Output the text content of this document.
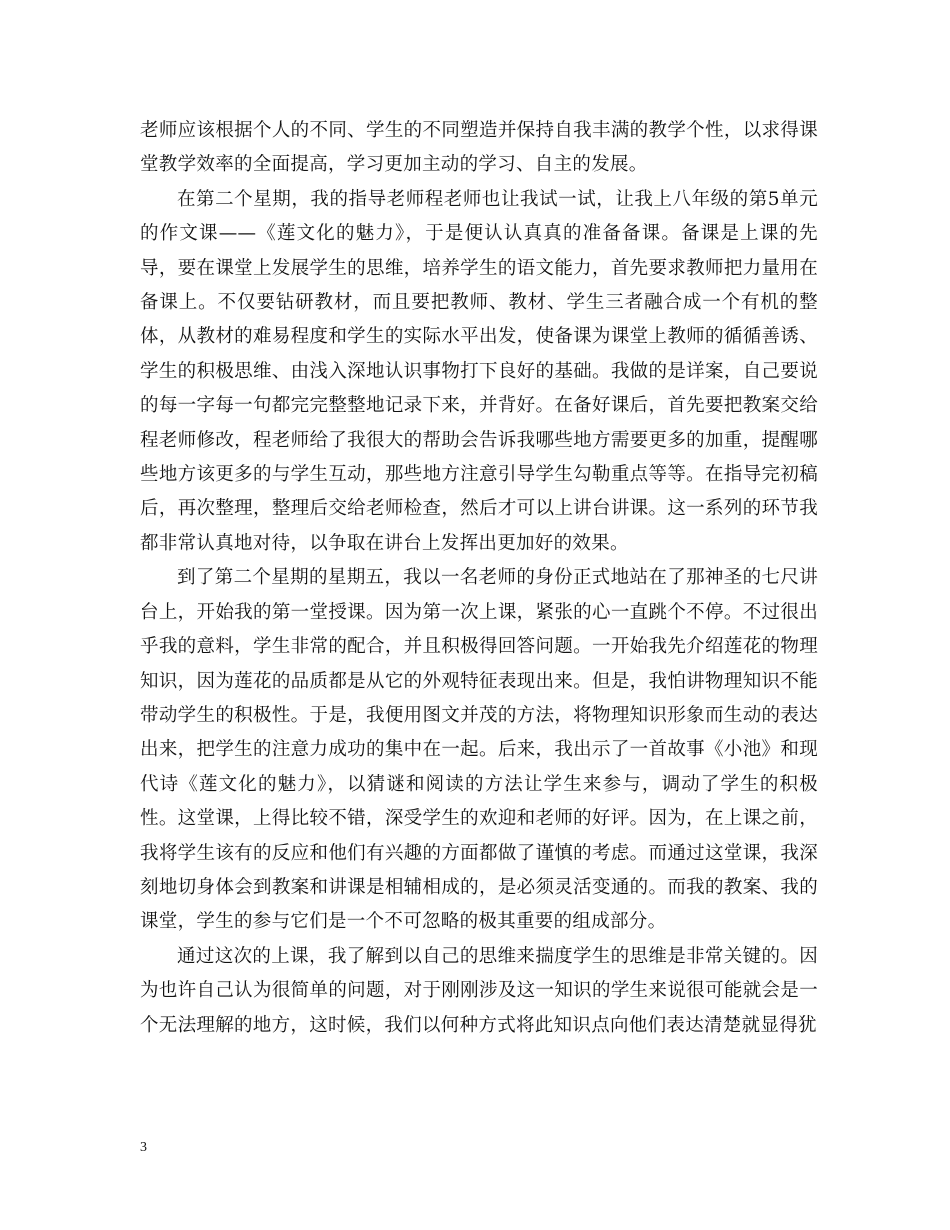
老师应该根据个人的不同、学生的不同塑造并保持自我丰满的教学个性，以求得课堂教学效率的全面提高，学习更加主动的学习、自主的发展。

在第二个星期，我的指导老师程老师也让我试一试，让我上八年级的第5单元的作文课——《莲文化的魅力》，于是便认认真真的准备备课。备课是上课的先导，要在课堂上发展学生的思维，培养学生的语文能力，首先要求教师把力量用在备课上。不仅要钻研教材，而且要把教师、教材、学生三者融合成一个有机的整体，从教材的难易程度和学生的实际水平出发，使备课为课堂上教师的循循善诱、学生的积极思维、由浅入深地认识事物打下良好的基础。我做的是详案，自己要说的每一字每一句都完完整整地记录下来，并背好。在备好课后，首先要把教案交给程老师修改，程老师给了我很大的帮助会告诉我哪些地方需要更多的加重，提醒哪些地方该更多的与学生互动，那些地方注意引导学生勾勒重点等等。在指导完初稿后，再次整理，整理后交给老师检查，然后才可以上讲台讲课。这一系列的环节我都非常认真地对待，以争取在讲台上发挥出更加好的效果。

到了第二个星期的星期五，我以一名老师的身份正式地站在了那神圣的七尺讲台上，开始我的第一堂授课。因为第一次上课，紧张的心一直跳个不停。不过很出乎我的意料，学生非常的配合，并且积极得回答问题。一开始我先介绍莲花的物理知识，因为莲花的品质都是从它的外观特征表现出来。但是，我怕讲物理知识不能带动学生的积极性。于是，我便用图文并茂的方法，将物理知识形象而生动的表达出来，把学生的注意力成功的集中在一起。后来，我出示了一首故事《小池》和现代诗《莲文化的魅力》，以猜谜和阅读的方法让学生来参与，调动了学生的积极性。这堂课，上得比较不错，深受学生的欢迎和老师的好评。因为，在上课之前，我将学生该有的反应和他们有兴趣的方面都做了谨慎的考虑。而通过这堂课，我深刻地切身体会到教案和讲课是相辅相成的，是必须灵活变通的。而我的教案、我的课堂，学生的参与它们是一个不可忽略的极其重要的组成部分。

通过这次的上课，我了解到以自己的思维来揣度学生的思维是非常关键的。因为也许自己认为很简单的问题，对于刚刚涉及这一知识的学生来说很可能就会是一个无法理解的地方，这时候，我们以何种方式将此知识点向他们表达清楚就显得犹

3
